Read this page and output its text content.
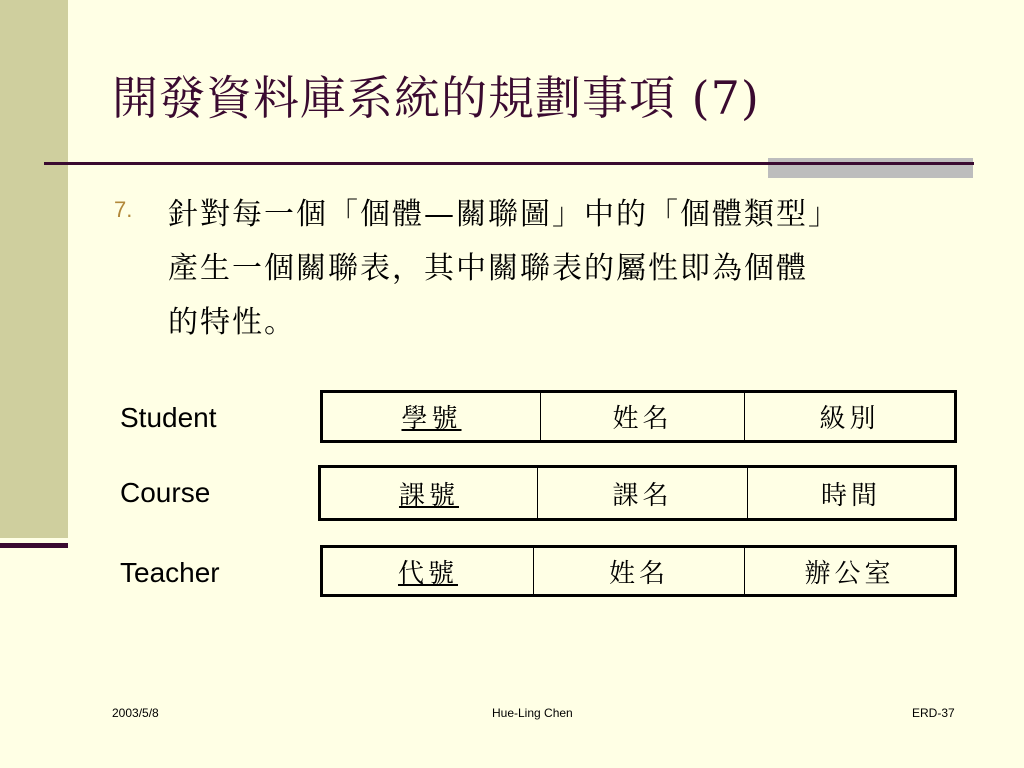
開發資料庫系統的規劃事項 (7)
7. 針對每一個「個體—關聯圖」中的「個體類型」
產生一個關聯表，其中關聯表的屬性即為個體
的特性。
Student	學號	姓名	級別
Course	課號	課名	時間
Teacher	代號	姓名	辦公室
2003/5/8	Hue-Ling Chen	ERD-37
